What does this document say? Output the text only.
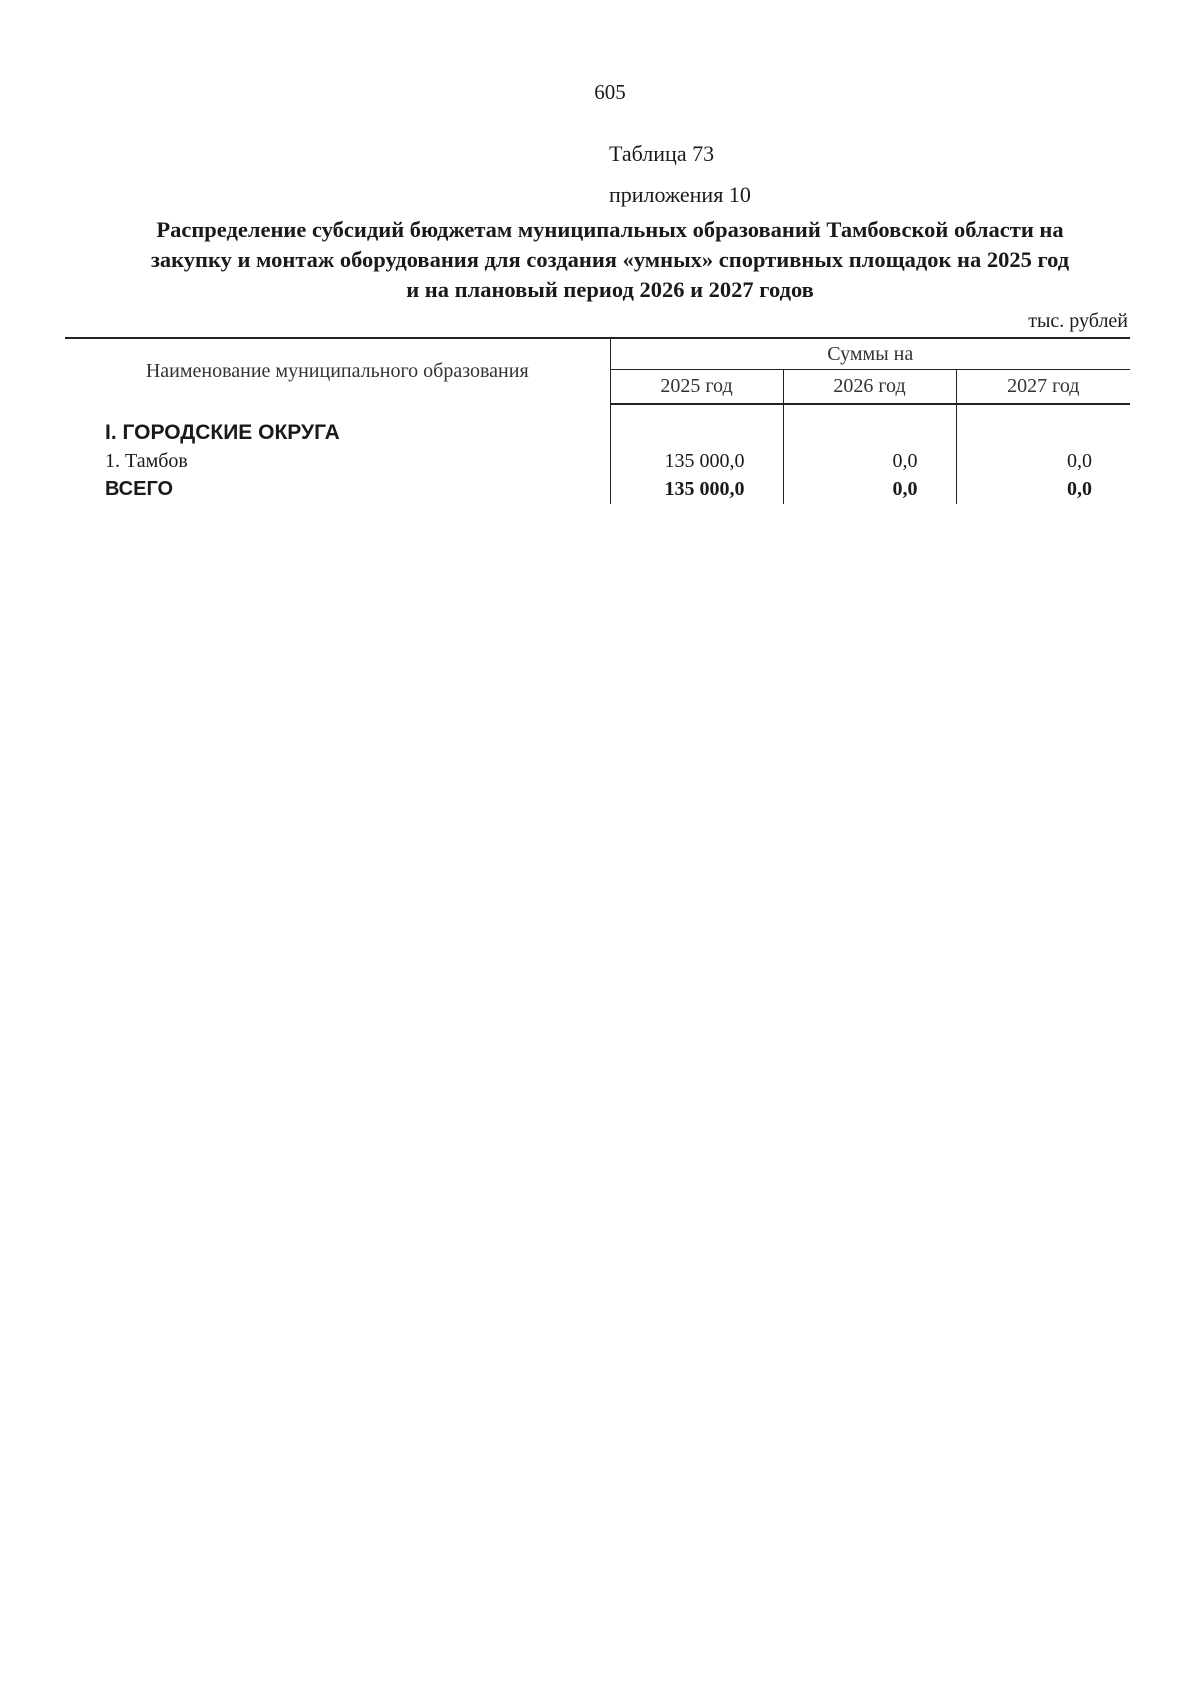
605
Таблица 73
приложения 10
Распределение субсидий бюджетам муниципальных образований Тамбовской области на
закупку и монтаж оборудования для создания «умных» спортивных площадок на 2025 год
и на плановый период 2026 и 2027 годов
тыс. рублей
Наименование муниципального образования	Суммы на		
	2025 год	2026 год	2027 год

I. ГОРОДСКИЕ ОКРУГА			
1. Тамбов	135 000,0	0,0	0,0
ВСЕГО	135 000,0	0,0	0,0
